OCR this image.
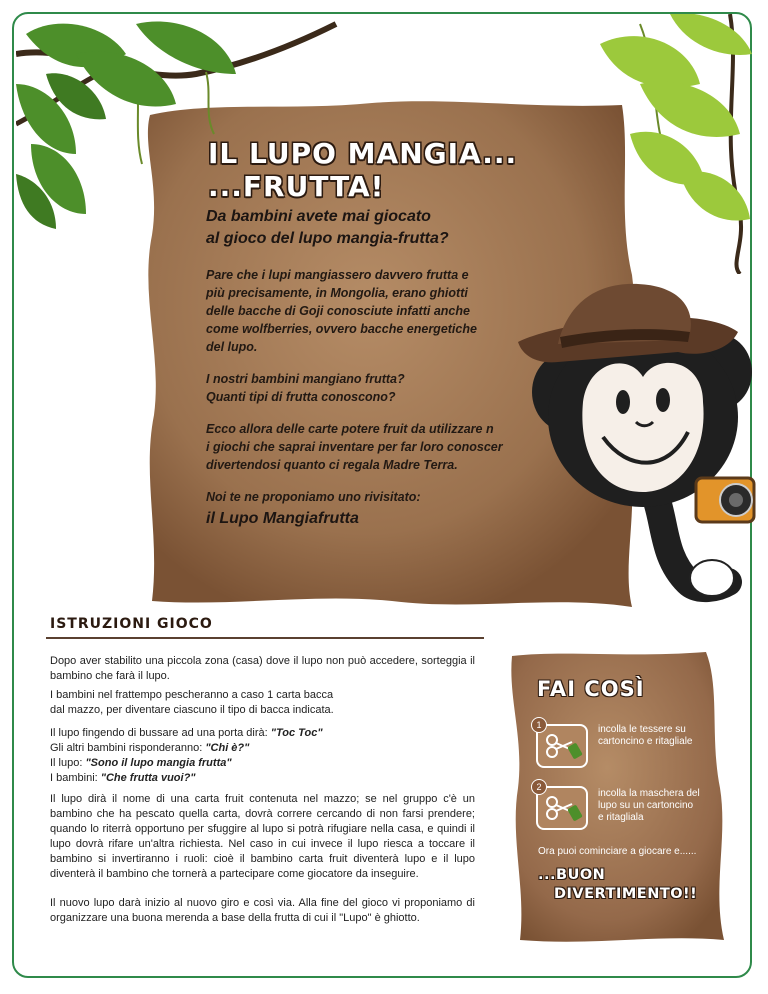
IL LUPO MANGIA...
...FRUTTA!
Da bambini avete mai giocato
al gioco del lupo mangia-frutta?
Pare che i lupi mangiassero davvero frutta e
più precisamente, in Mongolia, erano ghiotti
delle bacche di Goji conosciute infatti anche
come wolfberries, ovvero bacche energetiche
del lupo.
I nostri bambini mangiano frutta?
Quanti tipi di frutta conoscono?
Ecco allora delle carte potere fruit da utilizzare n
i giochi che saprai inventare per far loro conoscer
divertendosi quanto ci regala Madre Terra.
Noi te ne proponiamo uno rivisitato:
il Lupo Mangiafrutta
ISTRUZIONI GIOCO

Dopo aver stabilito una piccola zona (casa) dove il lupo non può accedere, sorteggia il bambino che farà il lupo.

I bambini nel frattempo pescheranno a caso 1 carta bacca
dal mazzo, per diventare ciascuno il tipo di bacca indicata.
Il lupo fingendo di bussare ad una porta dirà: "Toc Toc"
Gli altri bambini risponderanno: "Chi è?"
Il lupo: "Sono il lupo mangia frutta"
I bambini: "Che frutta vuoi?"

Il lupo dirà il nome di una carta fruit contenuta nel mazzo; se nel gruppo c'è un bambino che ha pescato quella carta, dovrà correre cercando di non farsi prendere; quando lo riterrà opportuno per sfuggire al lupo si potrà rifugiare nella casa, e quindi il lupo dovrà rifare un'altra richiesta. Nel caso in cui invece il lupo riesca a toccare il bambino si invertiranno i ruoli: cioè il bambino carta fruit diventerà lupo e il lupo diventerà il bambino che tornerà a partecipare come giocatore da inseguire.

Il nuovo lupo darà inizio al nuovo giro e così via. Alla fine del gioco vi proponiamo di organizzare una buona merenda a base della frutta di cui il "Lupo" è ghiotto.

FAI COSÌ
1	incolla le tessere su
cartoncino e ritagliale
2
incolla la maschera del
lupo su un cartoncino
e ritagliala
Ora puoi cominciare a giocare e......
...BUON
DIVERTIMENTO!!
